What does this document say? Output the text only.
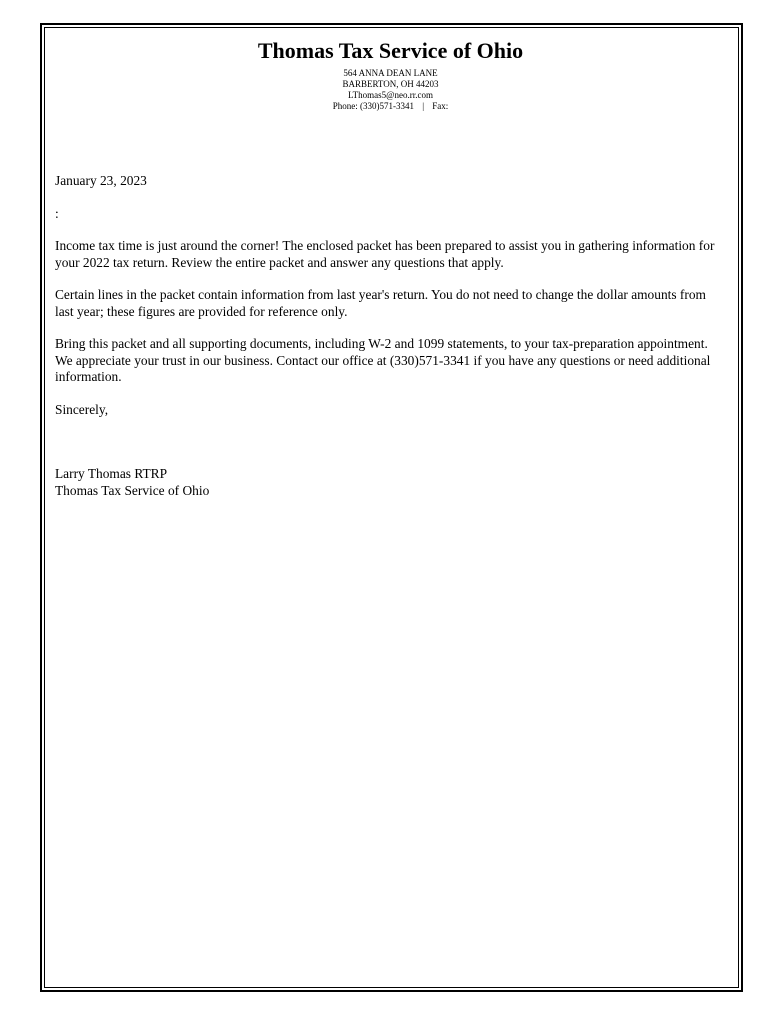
Thomas Tax Service of Ohio

564 ANNA DEAN LANE

BARBERTON, OH 44203

LThomas5@neo.rr.com

Phone: (330)571-3341 | Fax:

January 23, 2023

:

Income tax time is just around the corner! The enclosed packet has been prepared to assist you in gathering information for your 2022 tax return. Review the entire packet and answer any questions that apply.

Certain lines in the packet contain information from last year's return. You do not need to change the dollar amounts from last year; these figures are provided for reference only.

Bring this packet and all supporting documents, including W-2 and 1099 statements, to your tax-preparation appointment. We appreciate your trust in our business. Contact our office at (330)571-3341 if you have any questions or need additional information.

Sincerely,

Larry Thomas RTRP

Thomas Tax Service of Ohio
